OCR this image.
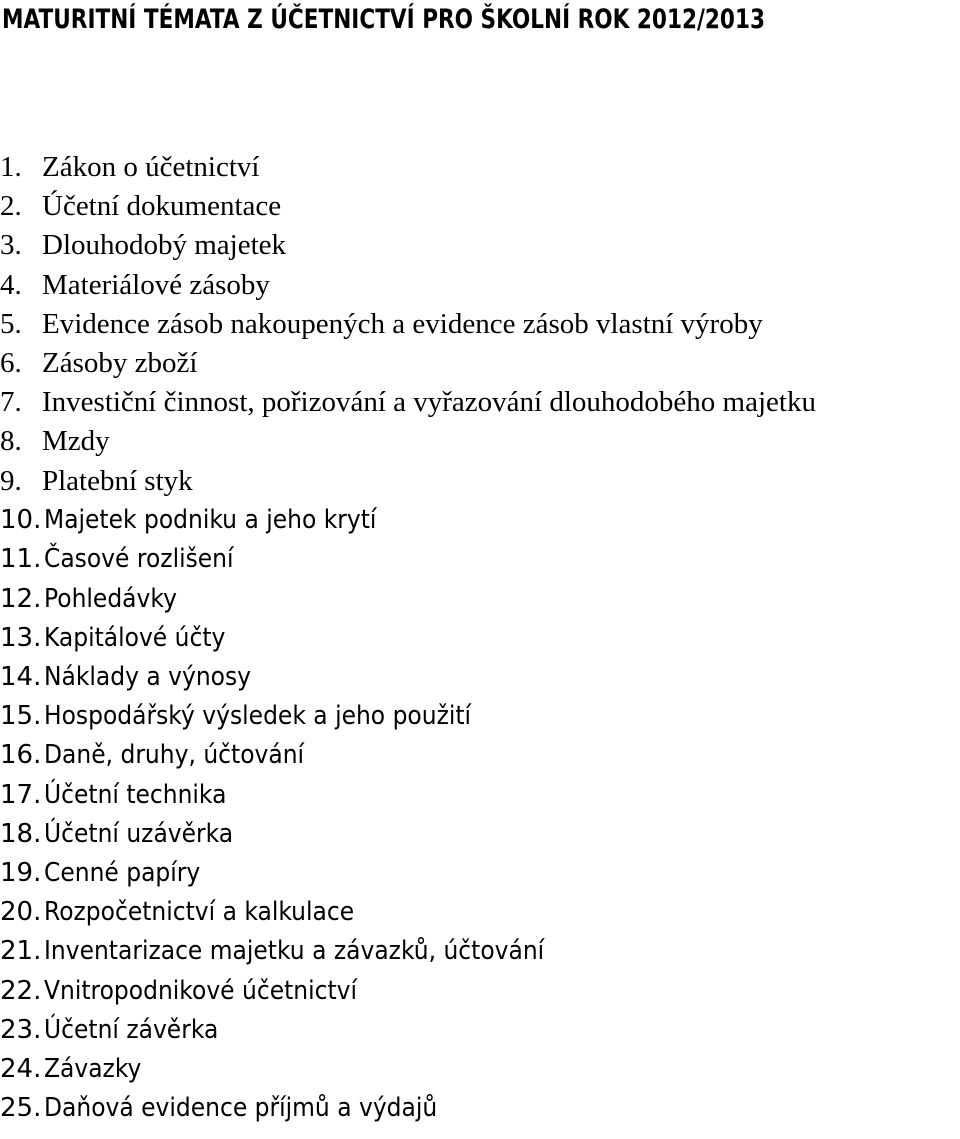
MATURITNÍ TÉMATA Z ÚČETNICTVÍ PRO ŠKOLNÍ ROK 2012/2013
1. Zákon o účetnictví
2. Účetní dokumentace
3. Dlouhodobý majetek
4. Materiálové zásoby
5. Evidence zásob nakoupených a evidence zásob vlastní výroby
6. Zásoby zboží
7. Investiční činnost, pořizování a vyřazování dlouhodobého majetku
8. Mzdy
9. Platební styk
10. Majetek podniku a jeho krytí
11. Časové rozlišení
12. Pohledávky
13. Kapitálové účty
14. Náklady a výnosy
15. Hospodářský výsledek a jeho použití
16. Daně, druhy, účtování
17. Účetní technika
18. Účetní uzávěrka
19. Cenné papíry
20. Rozpočetnictví a kalkulace
21. Inventarizace majetku a závazků, účtování
22. Vnitropodnikové účetnictví
23. Účetní závěrka
24. Závazky
25. Daňová evidence příjmů a výdajů
